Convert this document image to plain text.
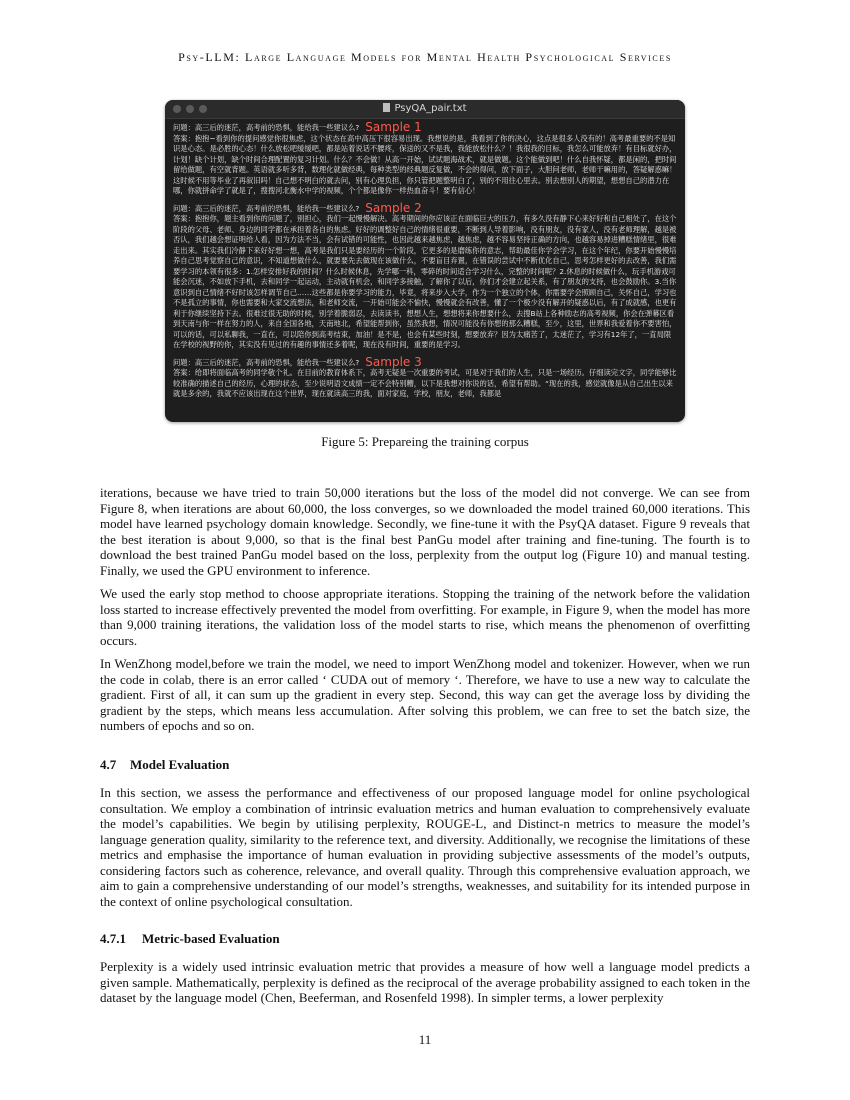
Psy-LLM: Large Language Models for Mental Health Psychological Services
PsyQA_pair.txt
问题：高三后的迷茫，高考前的恐惧，能给我一些建议么? Sample 1
答案：抱抱~看到你的提问感觉你很焦虑，这个状态在高中高压下很容易出现。我想说的是，我看到了你的决心，这点是很多人没有的！高考最重要的不是知识是心态。是必胜的心态！什么放松吧缓缓吧，都是站着说话不腰疼，保送的又不是我，我能放松什么？！我很我的目标，我怎么可能放弃！有目标就好办，计划！缺个计划，缺个时间合理配置的复习计划。什么？不会做！从高一开始，试试题海战术，就是做题。这个能做到吧！什么自我怀疑，都是闲的，把时间留给做题，有空就背题。英语就多听多背，数理化就做经典，每种类型的经典题反复做，不会的得问，放下面子，大胆问老师，老师干嘛用的，答疑解惑嘛！这时候不用等毕业了再叙旧吗！自己想不明白的就去问，别有心理负担，你只管把题整明白了，别的不用往心里去。别去想别人的期望，想想自己的潜力在哪，你就拼命学了就是了，搜搜河北衡水中学的视频，个个都是像你一样热血奋斗！要有信心！
问题：高三后的迷茫，高考前的恐惧，能给我一些建议么? Sample 2
答案：抱抱你，题主看到你的问题了，别担心，我们一起慢慢解决。高考期间的你应该正在面临巨大的压力，有多久没有静下心来好好和自己相处了，在这个阶段的父母、老师、身边的同学都在承担着各自的焦虑。好好的调整好自己的情绪很重要，不断到人导着影响，没有朋友，没有家人，没有老师理解，越是被否认，我们越会想证明给人看，因为方法不当，会有试错的可能性，也因此越来越焦虑，越焦虑，越不容易坚持正确的方向，也越容易掉进糟糕情绪里，很难走出来。其实我们冷静下来好好想一想，高考是我们只是要经历的一个阶段，它更多的是磨练你的意志，帮助最佳你学会学习，在这个年纪，你要开始慢慢培养自己思考觉察自己的意识，不知道想做什么，就要要先去做现在该做什么，不要盲目弃置，在错误的尝试中不断优化自己，思考怎样更好的去改善，我们需要学习的本领有很多：1.怎样安排好我的时间？什么时候休息，先学哪一科，零碎的时间适合学习什么，完整的时间呢？2.休息的时候做什么，玩手机游戏可能会沉迷，不如放下手机，去和同学一起运动，主动就有机会，和同学多接触，了解你了以后，你们才会建立起关系，有了朋友的支持，也会鼓励你。3.当你意识到自己情绪不好时该怎样调节自己……这些都是你要学习的能力，毕竟，将来步入大学，作为一个独立的个体，你需要学会照顾自己，关怀自己，学习也不是孤立的事情，你也需要和大家交流想法，和老师交流，一开始可能会不愉快，慢慢就会有改善，懂了一个极少没有解开的疑惑以后，有了成就感，也更有利于你继续坚持下去。很难过很无助的时候，别学着脆弱忍，去读读书，想想人生，想想将来你想要什么，去搜B站上各种励志的高考视频，你会在弹幕区看到天南与你一样在努力的人，来自全国各地，天南地北，希望能帮到你，虽然我想，情况可能没有你想的那么糟糕，至少，这里，世界和我爱着你不要害怕，可以的话，可以私聊我，一直在，可以陪你到高考结束，加油！是不是，也会有某些时刻，想要放弃？因为太痛苦了，太迷茫了，学习有12年了，一直局限在学校的视野的你，其实没有见过的有趣的事情还多着呢，现在没有时间，重要的是学习。
问题：高三后的迷茫，高考前的恐惧，能给我一些建议么? Sample 3
答案：给即将面临高考的同学敬个礼。在目前的教育体系下，高考无疑是一次重要的考试，可是对于我们的人生，只是一场经历。仔细读完文字，同学能够比较准确的描述自己的经历，心理的状态，至少说明语文成绩一定不会特别糟，以下是我想对你说的话，希望有帮助。“现在的我，感觉就像是从自己出生以来就是多余的，我就不应该出现在这个世界，现在就读高三的我，面对家庭，学校，朋友，老师，我都是
Figure 5: Prepareing the training corpus

iterations, because we have tried to train 50,000 iterations but the loss of the model did not converge. We can see from Figure 8, when iterations are about 60,000, the loss converges, so we downloaded the model trained 60,000 iterations. This model have learned psychology domain knowledge. Secondly, we fine-tune it with the PsyQA dataset. Figure 9 reveals that the best iteration is about 9,000, so that is the final best PanGu model after training and fine-tuning. The fourth is to download the best trained PanGu model based on the loss, perplexity from the output log (Figure 10) and manual testing. Finally, we used the GPU environment to inference.

We used the early stop method to choose appropriate iterations. Stopping the training of the network before the validation loss started to increase effectively prevented the model from overfitting. For example, in Figure 9, when the model has more than 9,000 training iterations, the validation loss of the model starts to rise, which means the phenomenon of overfitting occurs.

In WenZhong model,before we train the model, we need to import WenZhong model and tokenizer. However, when we run the code in colab, there is an error called ‘ CUDA out of memory ‘. Therefore, we have to use a new way to calculate the gradient. First of all, it can sum up the gradient in every step. Second, this way can get the average loss by dividing the gradient by the steps, which means less accumulation. After solving this problem, we can free to set the batch size, the numbers of epochs and so on.

4.7 Model Evaluation

In this section, we assess the performance and effectiveness of our proposed language model for online psychological consultation. We employ a combination of intrinsic evaluation metrics and human evaluation to comprehensively evaluate the model’s capabilities. We begin by utilising perplexity, ROUGE-L, and Distinct-n metrics to measure the model’s language generation quality, similarity to the reference text, and diversity. Additionally, we recognise the limitations of these metrics and emphasise the importance of human evaluation in providing subjective assessments of the model’s outputs, considering factors such as coherence, relevance, and overall quality. Through this comprehensive evaluation approach, we aim to gain a comprehensive understanding of our model’s strengths, weaknesses, and suitability for its intended purpose in the context of online psychological consultation.

4.7.1 Metric-based Evaluation

Perplexity is a widely used intrinsic evaluation metric that provides a measure of how well a language model predicts a given sample. Mathematically, perplexity is defined as the reciprocal of the average probability assigned to each token in the dataset by the language model (Chen, Beeferman, and Rosenfeld 1998). In simpler terms, a lower perplexity

11
